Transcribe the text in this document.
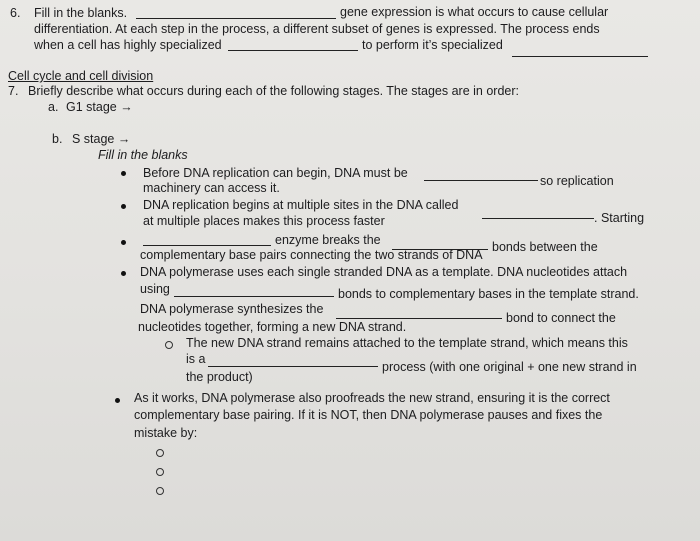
6. Fill in the blanks.	gene expression is what occurs to cause cellular
differentiation. At each step in the process, a different subset of genes is expressed. The process ends
when a cell has highly specialized	to perform it’s specialized
Cell cycle and cell division
7. Briefly describe what occurs during each of the following stages. The stages are in order:
a. G1 stage →
b. S stage →
Fill in the blanks
Before DNA replication can begin, DNA must be
so replication
machinery can access it.
DNA replication begins at multiple sites in the DNA called
. Starting
at multiple places makes this process faster
enzyme breaks the	bonds between the
complementary base pairs connecting the two strands of DNA
DNA polymerase uses each single stranded DNA as a template. DNA nucleotides attach
using	bonds to complementary bases in the template strand.
DNA polymerase synthesizes the
bond to connect the
nucleotides together, forming a new DNA strand.
The new DNA strand remains attached to the template strand, which means this
is a
process (with one original + one new strand in
the product)
As it works, DNA polymerase also proofreads the new strand, ensuring it is the correct
complementary base pairing. If it is NOT, then DNA polymerase pauses and fixes the
mistake by:
